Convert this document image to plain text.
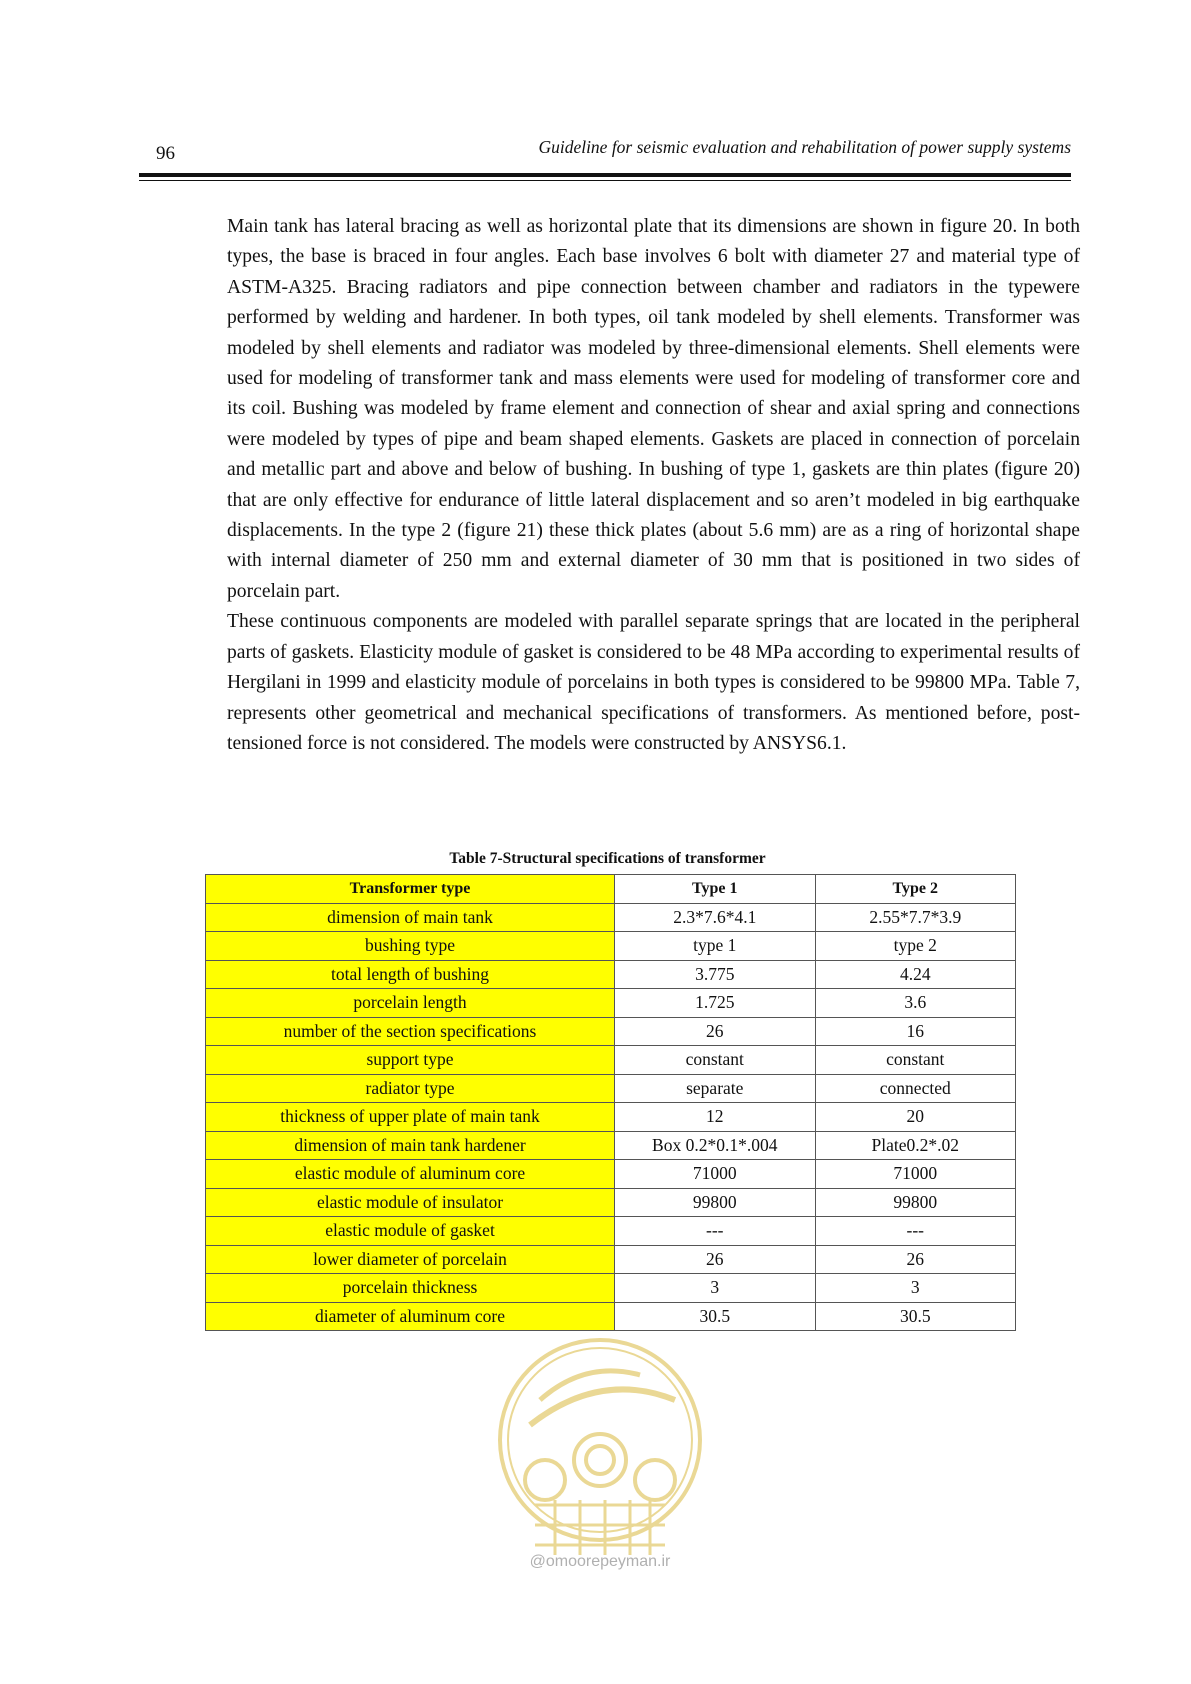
96	Guideline for seismic evaluation and rehabilitation of power supply systems

Main tank has lateral bracing as well as horizontal plate that its dimensions are shown in figure 20. In both types, the base is braced in four angles. Each base involves 6 bolt with diameter 27 and material type of ASTM-A325. Bracing radiators and pipe connection between chamber and radiators in the typewere performed by welding and hardener. In both types, oil tank modeled by shell elements. Transformer was modeled by shell elements and radiator was modeled by three-dimensional elements. Shell elements were used for modeling of transformer tank and mass elements were used for modeling of transformer core and its coil. Bushing was modeled by frame element and connection of shear and axial spring and connections were modeled by types of pipe and beam shaped elements. Gaskets are placed in connection of porcelain and metallic part and above and below of bushing. In bushing of type 1, gaskets are thin plates (figure 20) that are only effective for endurance of little lateral displacement and so aren’t modeled in big earthquake displacements. In the type 2 (figure 21) these thick plates (about 5.6 mm) are as a ring of horizontal shape with internal diameter of 250 mm and external diameter of 30 mm that is positioned in two sides of porcelain part.

These continuous components are modeled with parallel separate springs that are located in the peripheral parts of gaskets. Elasticity module of gasket is considered to be 48 MPa according to experimental results of Hergilani in 1999 and elasticity module of porcelains in both types is considered to be 99800 MPa. Table 7, represents other geometrical and mechanical specifications of transformers. As mentioned before, post-tensioned force is not considered. The models were constructed by ANSYS6.1.

Table 7-Structural specifications of transformer
Transformer type	Type 1	Type 2
dimension of main tank	2.3*7.6*4.1	2.55*7.7*3.9
bushing type	type 1	type 2
total length of bushing	3.775	4.24
porcelain length	1.725	3.6
number of the section specifications	26	16
support type	constant	constant
radiator type	separate	connected
thickness of upper plate of main tank	12	20
dimension of main tank hardener	Box 0.2*0.1*.004	Plate0.2*.02
elastic module of aluminum core	71000	71000
elastic module of insulator	99800	99800
elastic module of gasket	---	---
lower diameter of porcelain	26	26
porcelain thickness	3	3
diameter of aluminum core	30.5	30.5
@omoorepeyman.ir
